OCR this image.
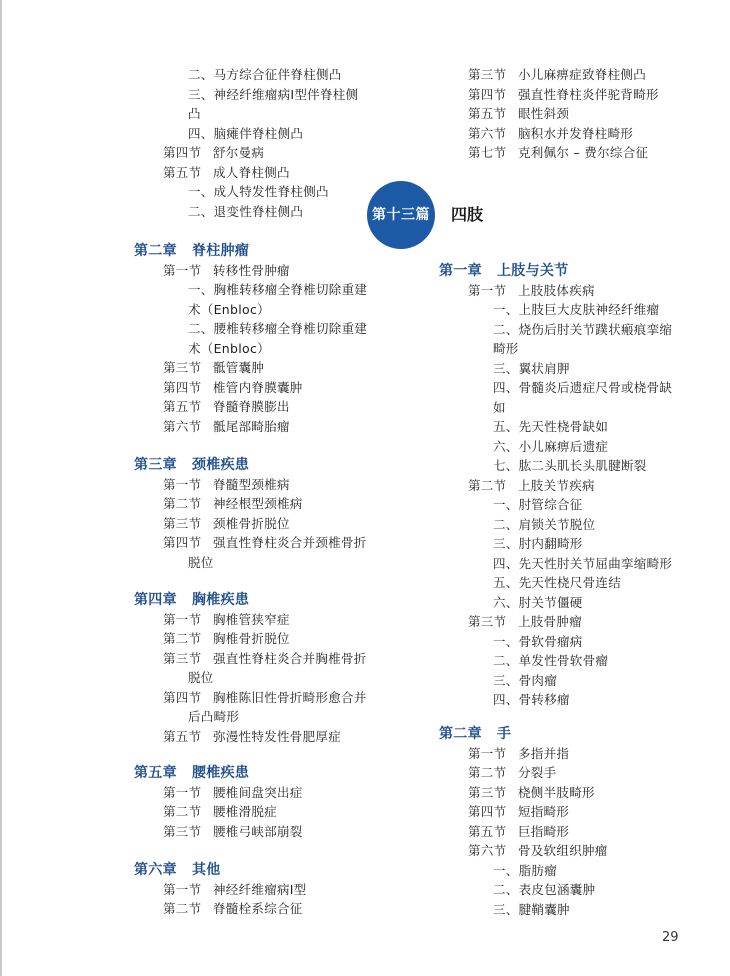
二、马方综合征伴脊柱侧凸
三、神经纤维瘤病Ⅰ型伴脊柱侧
凸
四、脑瘫伴脊柱侧凸
第四节 舒尔曼病
第五节 成人脊柱侧凸
一、成人特发性脊柱侧凸
二、退变性脊柱侧凸
第二章 脊柱肿瘤
第一节 转移性骨肿瘤
一、胸椎转移瘤全脊椎切除重建
术（Enbloc）
二、腰椎转移瘤全脊椎切除重建
术（Enbloc）
第三节 骶管囊肿
第四节 椎管内脊膜囊肿
第五节 脊髓脊膜膨出
第六节 骶尾部畸胎瘤
第三章 颈椎疾患
第一节 脊髓型颈椎病
第二节 神经根型颈椎病
第三节 颈椎骨折脱位
第四节 强直性脊柱炎合并颈椎骨折
脱位
第四章 胸椎疾患
第一节 胸椎管狭窄症
第二节 胸椎骨折脱位
第三节 强直性脊柱炎合并胸椎骨折
脱位
第四节 胸椎陈旧性骨折畸形愈合并
后凸畸形
第五节 弥漫性特发性骨肥厚症
第五章 腰椎疾患
第一节 腰椎间盘突出症
第二节 腰椎滑脱症
第三节 腰椎弓峡部崩裂
第六章 其他
第一节 神经纤维瘤病Ⅰ型
第二节 脊髓栓系综合征
第三节 小儿麻痹症致脊柱侧凸
第四节 强直性脊柱炎伴驼背畸形
第五节 眼性斜颈
第六节 脑积水并发脊柱畸形
第七节 克利佩尔 – 费尔综合征
第一章 上肢与关节
第一节 上肢肢体疾病
一、上肢巨大皮肤神经纤维瘤
二、烧伤后肘关节蹼状瘢痕挛缩
畸形
三、翼状肩胛
四、骨髓炎后遗症尺骨或桡骨缺
如
五、先天性桡骨缺如
六、小儿麻痹后遗症
七、肱二头肌长头肌腱断裂
第二节 上肢关节疾病
一、肘管综合征
二、肩锁关节脱位
三、肘内翻畸形
四、先天性肘关节屈曲挛缩畸形
五、先天性桡尺骨连结
六、肘关节僵硬
第三节 上肢骨肿瘤
一、骨软骨瘤病
二、单发性骨软骨瘤
三、骨肉瘤
四、骨转移瘤
第二章 手
第一节 多指并指
第二节 分裂手
第三节 桡侧半肢畸形
第四节 短指畸形
第五节 巨指畸形
第六节 骨及软组织肿瘤
一、脂肪瘤
二、表皮包涵囊肿
三、腱鞘囊肿
第十三篇	四肢
29
